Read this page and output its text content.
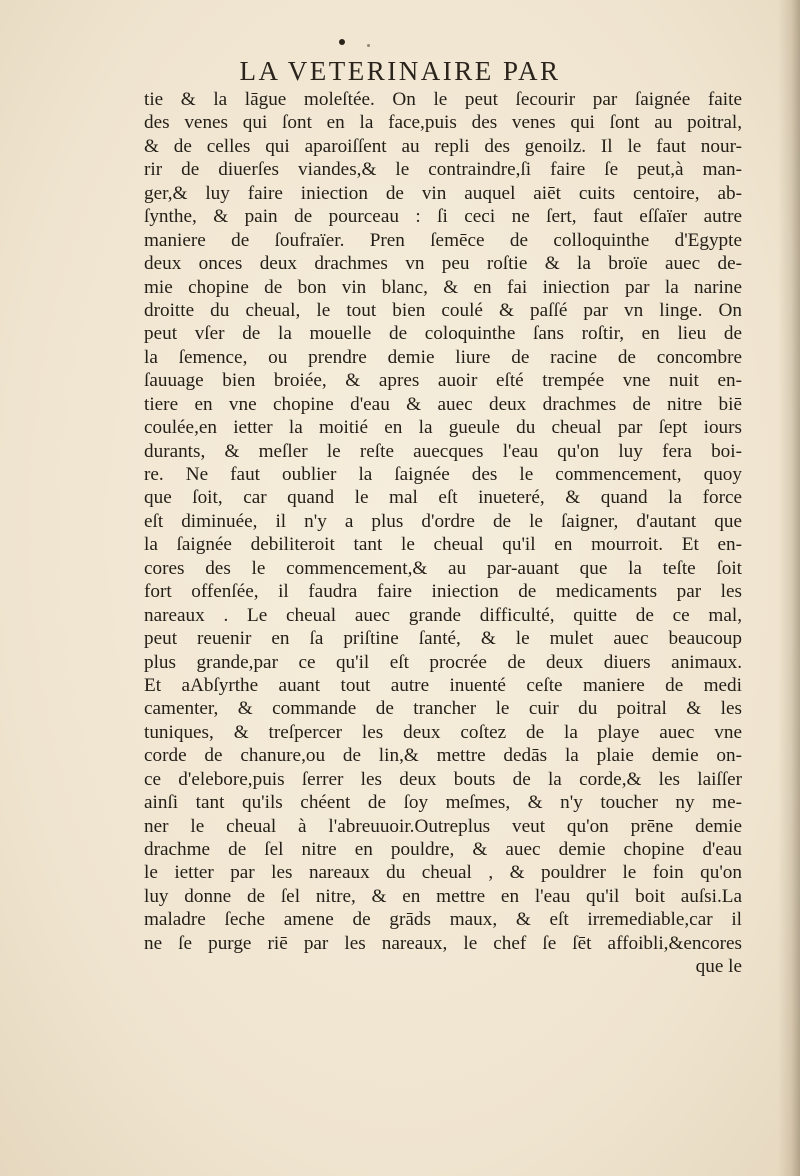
LA VETERINAIRE PAR
tie & la lāgue moleſtée. On le peut ſecourir par ſaignée faite
des venes qui ſont en la face,puis des venes qui ſont au poitral,
& de celles qui aparoiſſent au repli des genoilz. Il le faut nour-
rir de diuerſes viandes,& le contraindre,ſi faire ſe peut,à man-
ger,& luy faire iniection de vin auquel aiēt cuits centoire, ab-
ſynthe, & pain de pourceau : ſi ceci ne ſert, faut eſſaïer autre
maniere de ſoufraïer. Pren ſemēce de colloquinthe d'Egypte
deux onces deux drachmes vn peu roſtie & la broïe auec de-
mie chopine de bon vin blanc, & en fai iniection par la narine
droitte du cheual, le tout bien coulé & paſſé par vn linge. On
peut vſer de la mouelle de coloquinthe ſans roſtir, en lieu de
la ſemence, ou prendre demie liure de racine de concombre
ſauuage bien broiée, & apres auoir eſté trempée vne nuit en-
tiere en vne chopine d'eau & auec deux drachmes de nitre biē
coulée,en ietter la moitié en la gueule du cheual par ſept iours
durants, & meſler le reſte auecques l'eau qu'on luy fera boi-
re. Ne faut oublier la ſaignée des le commencement, quoy
que ſoit, car quand le mal eſt inueteré, & quand la force
eſt diminuée, il n'y a plus d'ordre de le ſaigner, d'autant que
la ſaignée debiliteroit tant le cheual qu'il en mourroit. Et en-
cores des le commencement,& au par-auant que la teſte ſoit
fort offenſée, il faudra faire iniection de medicaments par les
nareaux . Le cheual auec grande difficulté, quitte de ce mal,
peut reuenir en ſa priſtine ſanté, & le mulet auec beaucoup
plus grande,par ce qu'il eſt procrée de deux diuers animaux.
Et aAbſyrthe auant tout autre inuenté ceſte maniere de medi
camenter, & commande de trancher le cuir du poitral & les
tuniques, & treſpercer les deux coſtez de la playe auec vne
corde de chanure,ou de lin,& mettre dedās la plaie demie on-
ce d'elebore,puis ſerrer les deux bouts de la corde,& les laiſſer
ainſi tant qu'ils chéent de ſoy meſmes, & n'y toucher ny me-
ner le cheual à l'abreuuoir.Outreplus veut qu'on prēne demie
drachme de ſel nitre en pouldre, & auec demie chopine d'eau
le ietter par les nareaux du cheual , & pouldrer le foin qu'on
luy donne de ſel nitre, & en mettre en l'eau qu'il boit auſsi.La
maladre ſeche amene de grāds maux, & eſt irremediable,car il
ne ſe purge riē par les nareaux, le chef ſe ſēt affoibli,&encores
que le
